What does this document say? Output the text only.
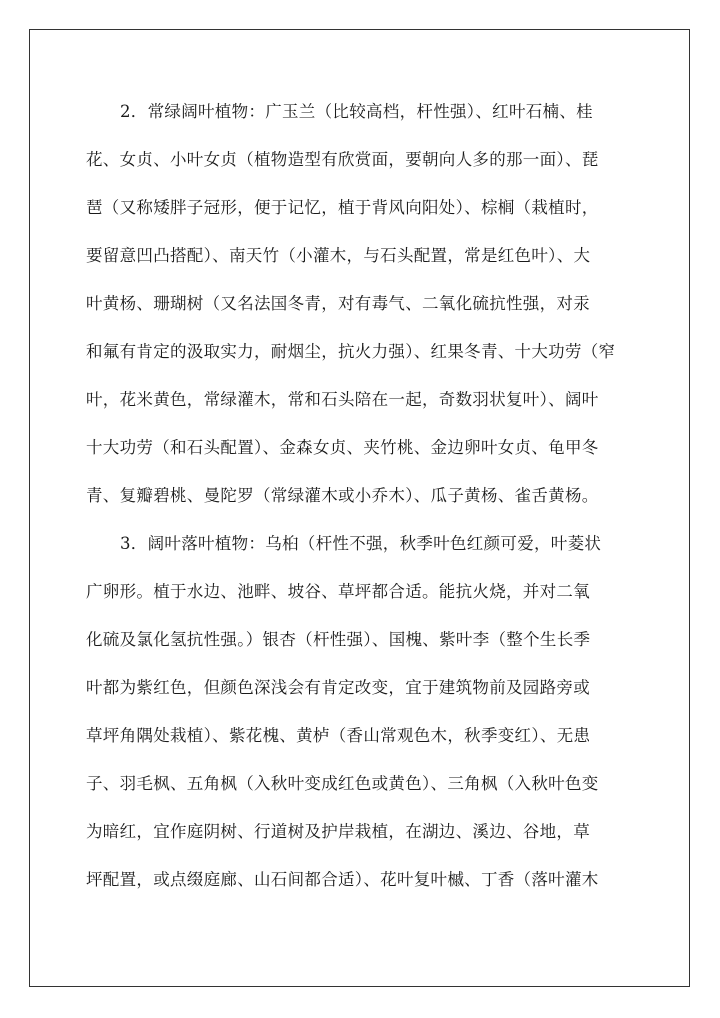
2．常绿阔叶植物：广玉兰（比较高档，杆性强）、红叶石楠、桂
花、女贞、小叶女贞（植物造型有欣赏面，要朝向人多的那一面）、琵
琶（又称矮胖子冠形，便于记忆，植于背风向阳处）、棕榈（栽植时，
要留意凹凸搭配）、南天竹（小灌木，与石头配置，常是红色叶）、大
叶黄杨、珊瑚树（又名法国冬青，对有毒气、二氧化硫抗性强，对汞
和氟有肯定的汲取实力，耐烟尘，抗火力强）、红果冬青、十大功劳（窄
叶，花米黄色，常绿灌木，常和石头陪在一起，奇数羽状复叶）、阔叶
十大功劳（和石头配置）、金森女贞、夹竹桃、金边卵叶女贞、龟甲冬
青、复瓣碧桃、曼陀罗（常绿灌木或小乔木）、瓜子黄杨、雀舌黄杨。
3．阔叶落叶植物：乌桕（杆性不强，秋季叶色红颜可爱，叶菱状
广卵形。植于水边、池畔、坡谷、草坪都合适。能抗火烧，并对二氧
化硫及氯化氢抗性强。）银杏（杆性强）、国槐、紫叶李（整个生长季
叶都为紫红色，但颜色深浅会有肯定改变，宜于建筑物前及园路旁或
草坪角隅处栽植）、紫花槐、黄栌（香山常观色木，秋季变红）、无患
子、羽毛枫、五角枫（入秋叶变成红色或黄色）、三角枫（入秋叶色变
为暗红，宜作庭阴树、行道树及护岸栽植，在湖边、溪边、谷地，草
坪配置，或点缀庭廊、山石间都合适）、花叶复叶槭、丁香（落叶灌木
